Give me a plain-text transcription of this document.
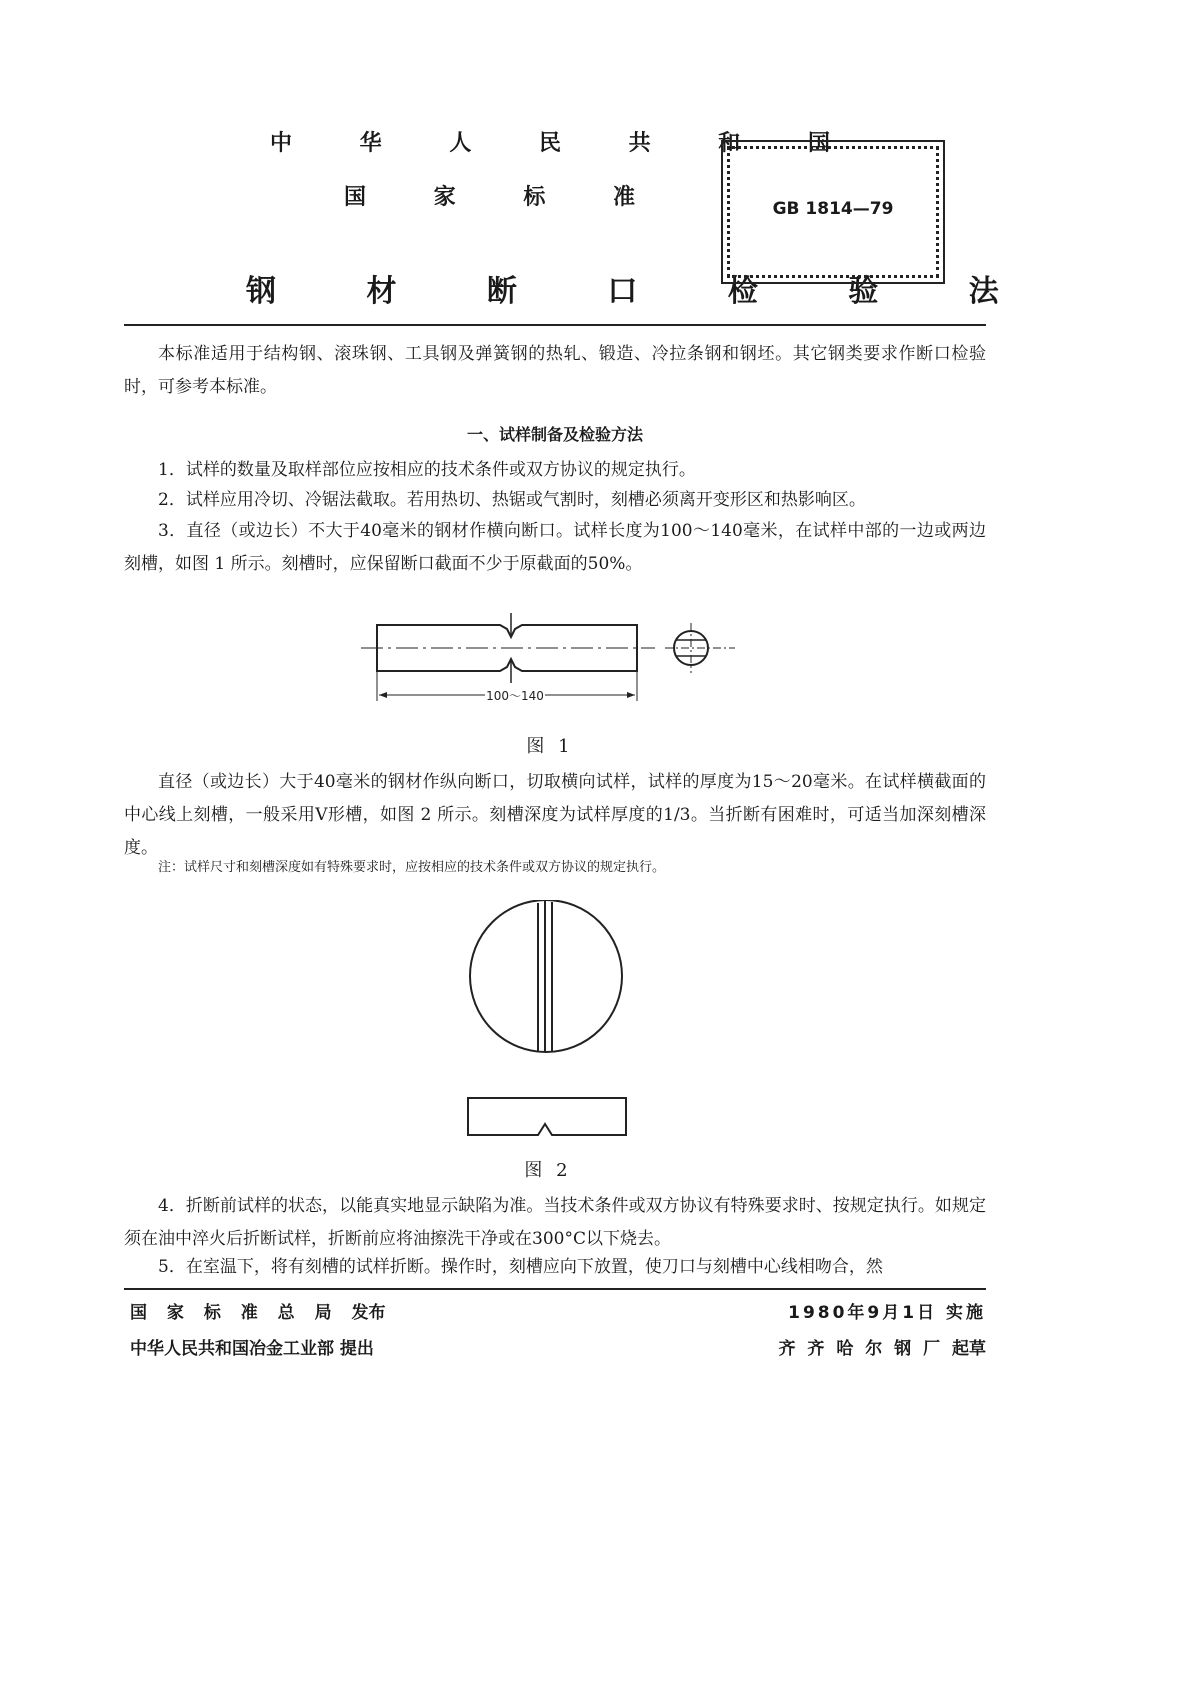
中 华 人 民 共 和 国
国 家 标 准
钢 材 断 口 检 验 法
GB 1814—79
本标准适用于结构钢、滚珠钢、工具钢及弹簧钢的热轧、锻造、冷拉条钢和钢坯。其它钢类要求作断口检验时，可参考本标准。
一、试样制备及检验方法
1．试样的数量及取样部位应按相应的技术条件或双方协议的规定执行。
2．试样应用冷切、冷锯法截取。若用热切、热锯或气割时，刻槽必须离开变形区和热影响区。
3．直径（或边长）不大于40毫米的钢材作横向断口。试样长度为100～140毫米，在试样中部的一边或两边刻槽，如图 1 所示。刻槽时，应保留断口截面不少于原截面的50%。
100～140
图 1
直径（或边长）大于40毫米的钢材作纵向断口，切取横向试样，试样的厚度为15～20毫米。在试样横截面的中心线上刻槽，一般采用V形槽，如图 2 所示。刻槽深度为试样厚度的1/3。当折断有困难时，可适当加深刻槽深度。
注：试样尺寸和刻槽深度如有特殊要求时，应按相应的技术条件或双方协议的规定执行。
图 2
4．折断前试样的状态，以能真实地显示缺陷为准。当技术条件或双方协议有特殊要求时、按规定执行。如规定须在油中淬火后折断试样，折断前应将油擦洗干净或在300°C以下烧去。
5．在室温下，将有刻槽的试样折断。操作时，刻槽应向下放置，使刀口与刻槽中心线相吻合，然
国 家 标 准 总 局 发布	1980年9月1日 实施
中华人民共和国冶金工业部 提出	齐 齐 哈 尔 钢 厂 起草
